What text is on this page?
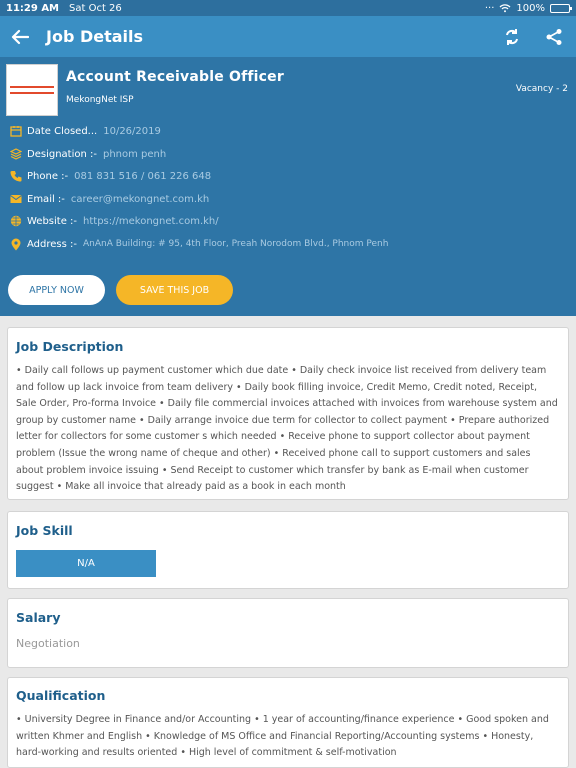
11:29 AM Sat Oct 26	··· 100%
Job Details
Account Receivable Officer
MekongNet ISP
Vacancy - 2
Date Closed... 10/26/2019
Designation :- phnom penh
Phone :- 081 831 516 / 061 226 648
Email :- career@mekongnet.com.kh
Website :- https://mekongnet.com.kh/
Address :- AnAnA Building: # 95, 4th Floor, Preah Norodom Blvd., Phnom Penh
APPLY NOW	SAVE THIS JOB
Job Description
• Daily call follows up payment customer which due date • Daily check invoice list received from delivery team and follow up lack invoice from team delivery • Daily book filling invoice, Credit Memo, Credit noted, Receipt, Sale Order, Pro-forma Invoice • Daily file commercial invoices attached with invoices from warehouse system and group by customer name • Daily arrange invoice due term for collector to collect payment • Prepare authorized letter for collectors for some customer s which needed • Receive phone to support collector about payment problem (Issue the wrong name of cheque and other) • Received phone call to support customers and sales about problem invoice issuing • Send Receipt to customer which transfer by bank as E-mail when customer suggest • Make all invoice that already paid as a book in each month
Job Skill
N/A
Salary
Negotiation
Qualification
• University Degree in Finance and/or Accounting • 1 year of accounting/finance experience • Good spoken and written Khmer and English • Knowledge of MS Office and Financial Reporting/Accounting systems • Honesty, hard-working and results oriented • High level of commitment & self-motivation
